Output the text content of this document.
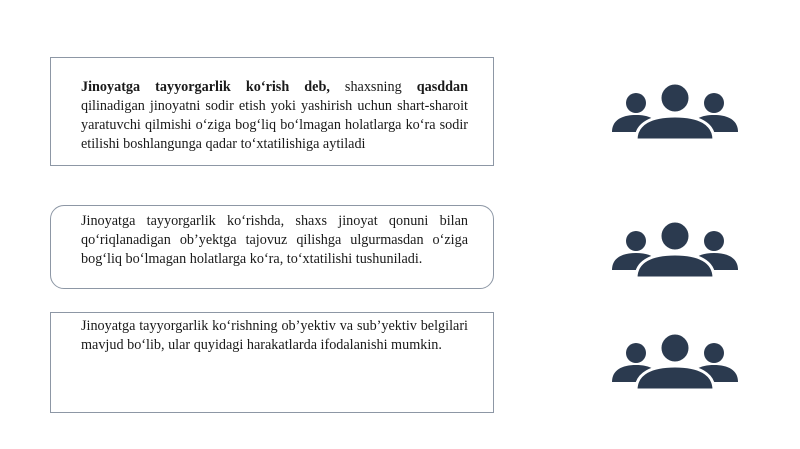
Jinoyatga tayyorgarlik ko‘rish deb, shaxsning qasddan qilinadigan jinoyatni sodir etish yoki yashirish uchun shart-sharoit yaratuvchi qilmishi o‘ziga bog‘liq bo‘lmagan holatlarga ko‘ra sodir etilishi boshlangunga qadar to‘xtatilishiga aytiladi

Jinoyatga tayyorgarlik ko‘rishda, shaxs jinoyat qonuni bilan qo‘riqlanadigan ob’yektga tajovuz qilishga ulgurmasdan o‘ziga bog‘liq bo‘lmagan holatlarga ko‘ra, to‘xtatilishi tushuniladi.

Jinoyatga tayyorgarlik ko‘rishning ob’yektiv va sub’yektiv belgilari mavjud bo‘lib, ular quyidagi harakatlarda ifodalanishi mumkin.
